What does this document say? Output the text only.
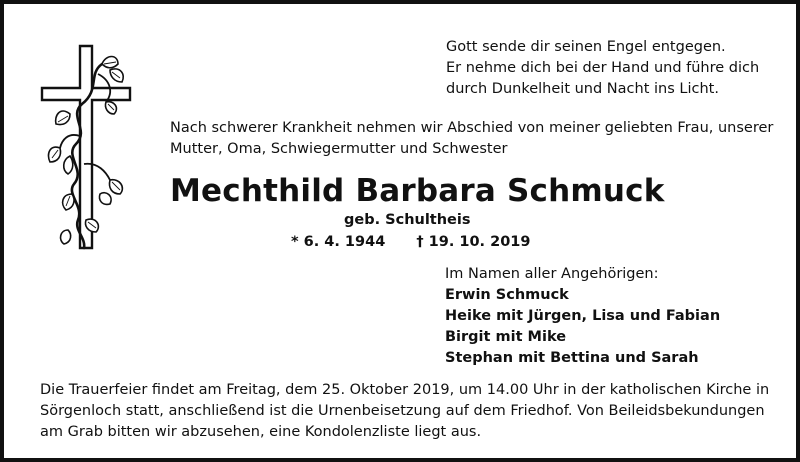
Gott sende dir seinen Engel entgegen.
Er nehme dich bei der Hand und führe dich
durch Dunkelheit und Nacht ins Licht.
Nach schwerer Krankheit nehmen wir Abschied von meiner geliebten Frau, unserer
Mutter, Oma, Schwiegermutter und Schwester
Mechthild Barbara Schmuck
geb. Schultheis
* 6. 4. 1944 † 19. 10. 2019
Im Namen aller Angehörigen:
Erwin Schmuck
Heike mit Jürgen, Lisa und Fabian
Birgit mit Mike
Stephan mit Bettina und Sarah
Die Trauerfeier findet am Freitag, dem 25. Oktober 2019, um 14.00 Uhr in der katholischen Kirche in
Sörgenloch statt, anschließend ist die Urnenbeisetzung auf dem Friedhof. Von Beileidsbekundungen
am Grab bitten wir abzusehen, eine Kondolenzliste liegt aus.
